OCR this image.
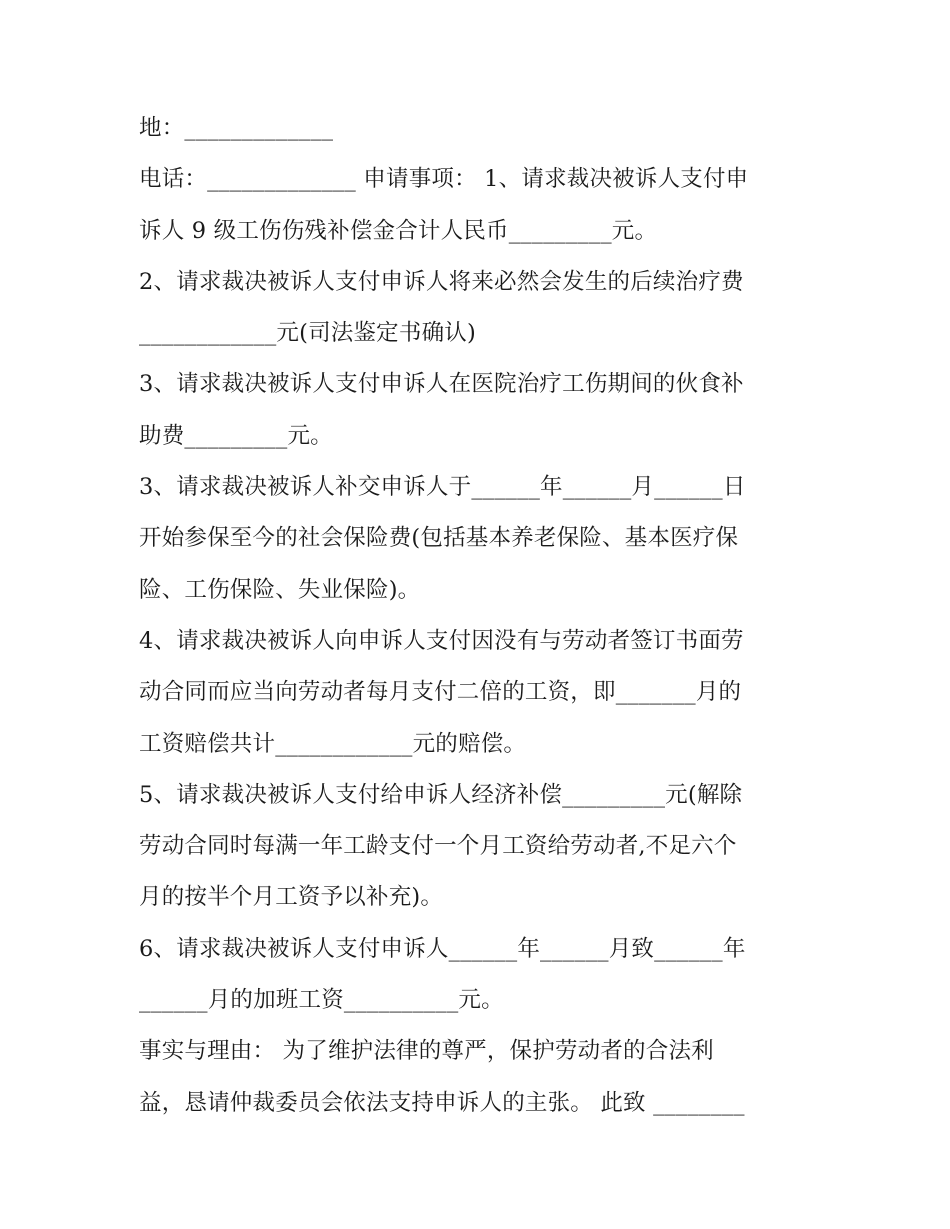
地：_____________
电话：_____________ 申请事项： 1、请求裁决被诉人支付申
诉人 9 级工伤伤残补偿金合计人民币_________元。
2、请求裁决被诉人支付申诉人将来必然会发生的后续治疗费
____________元(司法鉴定书确认)
3、请求裁决被诉人支付申诉人在医院治疗工伤期间的伙食补
助费_________元。
3、请求裁决被诉人补交申诉人于______年______月______日
开始参保至今的社会保险费(包括基本养老保险、基本医疗保
险、工伤保险、失业保险)。
4、请求裁决被诉人向申诉人支付因没有与劳动者签订书面劳
动合同而应当向劳动者每月支付二倍的工资，即_______月的
工资赔偿共计____________元的赔偿。
5、请求裁决被诉人支付给申诉人经济补偿_________元(解除
劳动合同时每满一年工龄支付一个月工资给劳动者,不足六个
月的按半个月工资予以补充)。
6、请求裁决被诉人支付申诉人______年______月致______年
______月的加班工资__________元。
事实与理由： 为了维护法律的尊严，保护劳动者的合法利
益，恳请仲裁委员会依法支持申诉人的主张。 此致 ________
